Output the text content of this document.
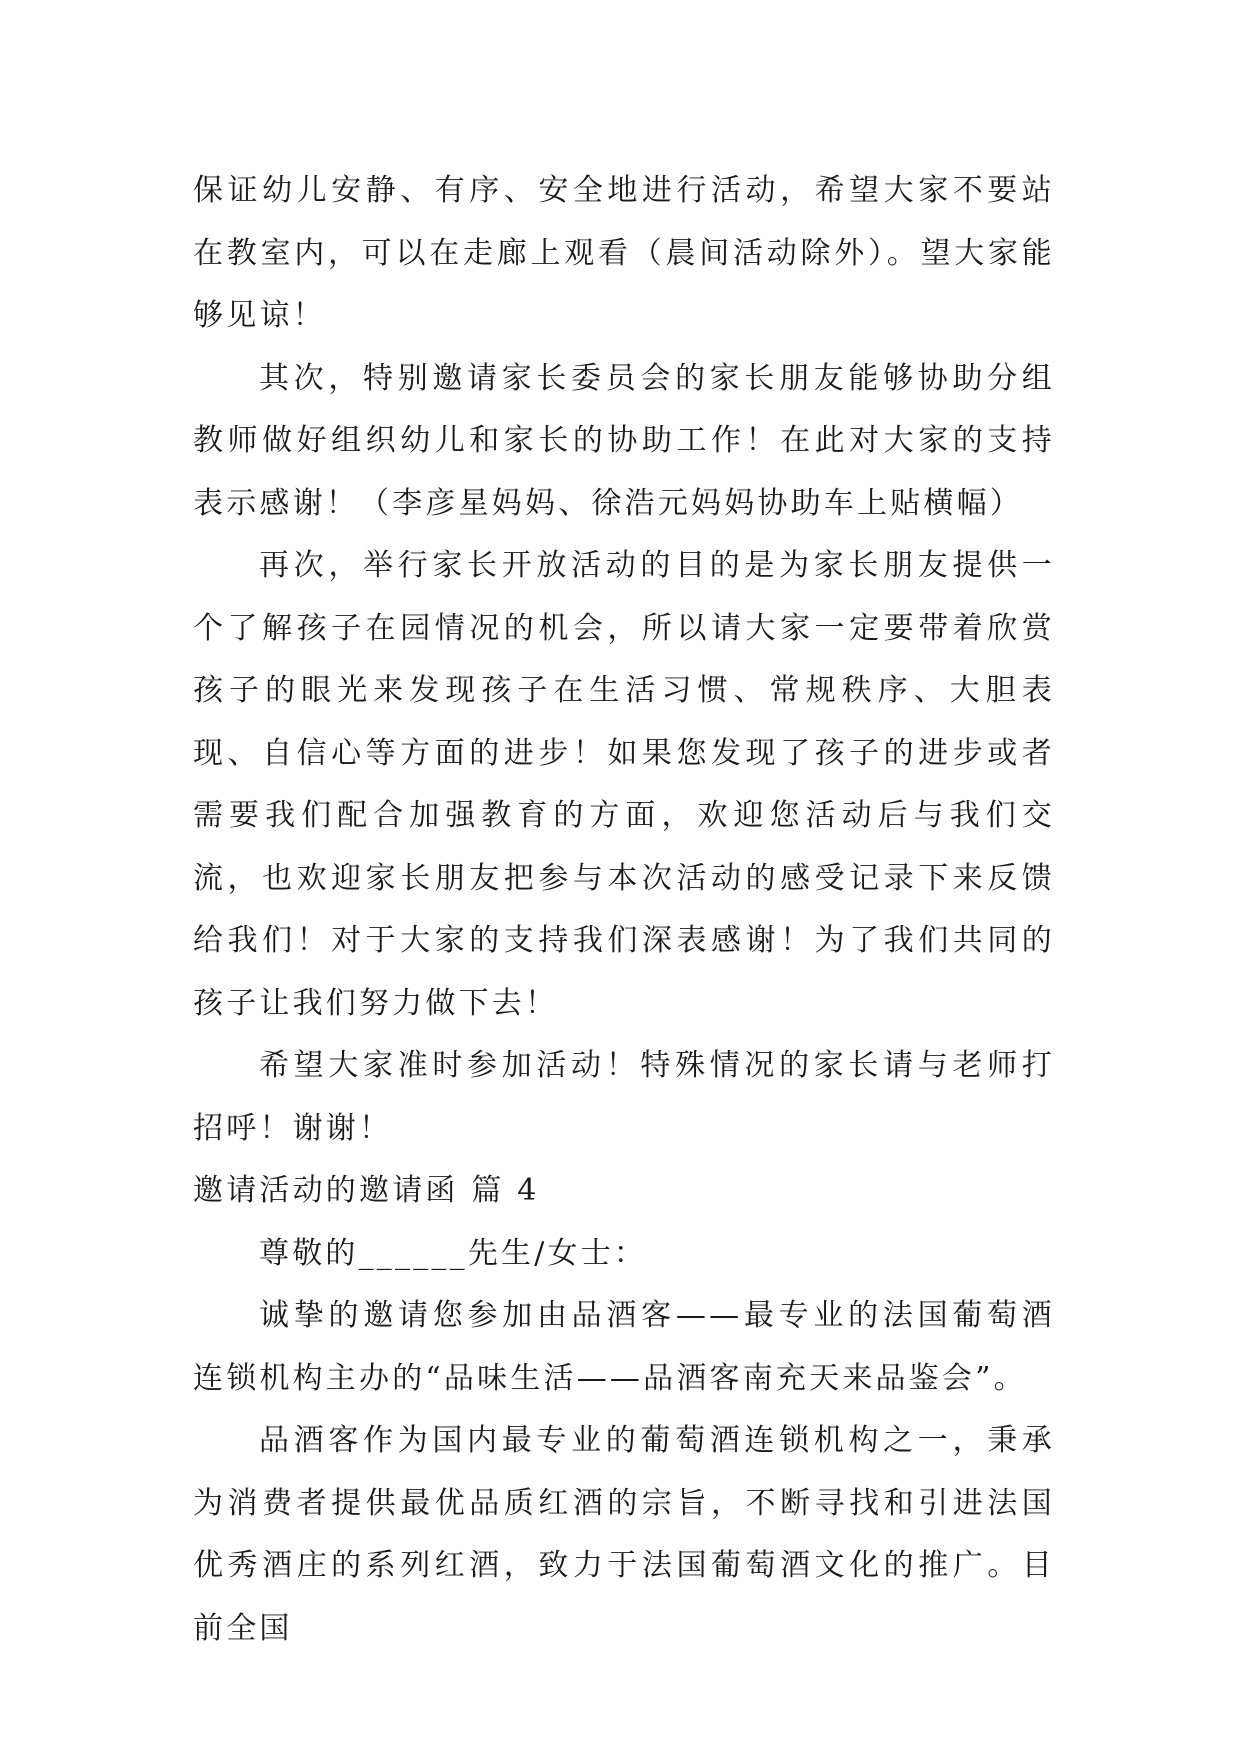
保证幼儿安静、有序、安全地进行活动，希望大家不要站在教室内，可以在走廊上观看（晨间活动除外）。望大家能够见谅！

其次，特别邀请家长委员会的家长朋友能够协助分组教师做好组织幼儿和家长的协助工作！在此对大家的支持表示感谢！（李彦星妈妈、徐浩元妈妈协助车上贴横幅）

再次，举行家长开放活动的目的是为家长朋友提供一个了解孩子在园情况的机会，所以请大家一定要带着欣赏孩子的眼光来发现孩子在生活习惯、常规秩序、大胆表现、自信心等方面的进步！如果您发现了孩子的进步或者需要我们配合加强教育的方面，欢迎您活动后与我们交流，也欢迎家长朋友把参与本次活动的感受记录下来反馈给我们！对于大家的支持我们深表感谢！为了我们共同的孩子让我们努力做下去！

希望大家准时参加活动！特殊情况的家长请与老师打招呼！谢谢！

邀请活动的邀请函 篇 4

尊敬的______先生/女士：

诚挚的邀请您参加由品酒客——最专业的法国葡萄酒连锁机构主办的“品味生活——品酒客南充天来品鉴会”。

品酒客作为国内最专业的葡萄酒连锁机构之一，秉承为消费者提供最优品质红酒的宗旨，不断寻找和引进法国优秀酒庄的系列红酒，致力于法国葡萄酒文化的推广。目前全国
